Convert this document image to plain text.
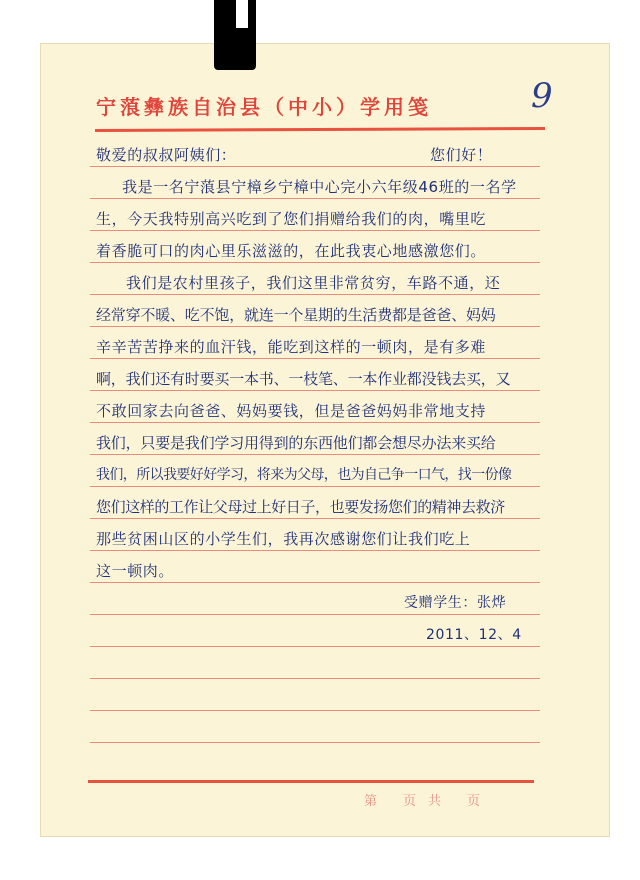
宁蒗彝族自治县（中小）学用笺	9
敬爱的叔叔阿姨们：	您们好！
我是一名宁蒗县宁樟乡宁樟中心完小六年级46班的一名学
生，今天我特别高兴吃到了您们捐赠给我们的肉，嘴里吃
着香脆可口的肉心里乐滋滋的，在此我衷心地感激您们。
我们是农村里孩子，我们这里非常贫穷，车路不通，还
经常穿不暖、吃不饱，就连一个星期的生活费都是爸爸、妈妈
辛辛苦苦挣来的血汗钱，能吃到这样的一顿肉，是有多难
啊，我们还有时要买一本书、一枝笔、一本作业都没钱去买，又
不敢回家去向爸爸、妈妈要钱，但是爸爸妈妈非常地支持
我们，只要是我们学习用得到的东西他们都会想尽办法来买给
我们，所以我要好好学习，将来为父母，也为自己争一口气，找一份像
您们这样的工作让父母过上好日子，也要发扬您们的精神去救济
那些贫困山区的小学生们，我再次感谢您们让我们吃上
这一顿肉。
受赠学生：张烨
2011、12、4
第　　页 共　　页
